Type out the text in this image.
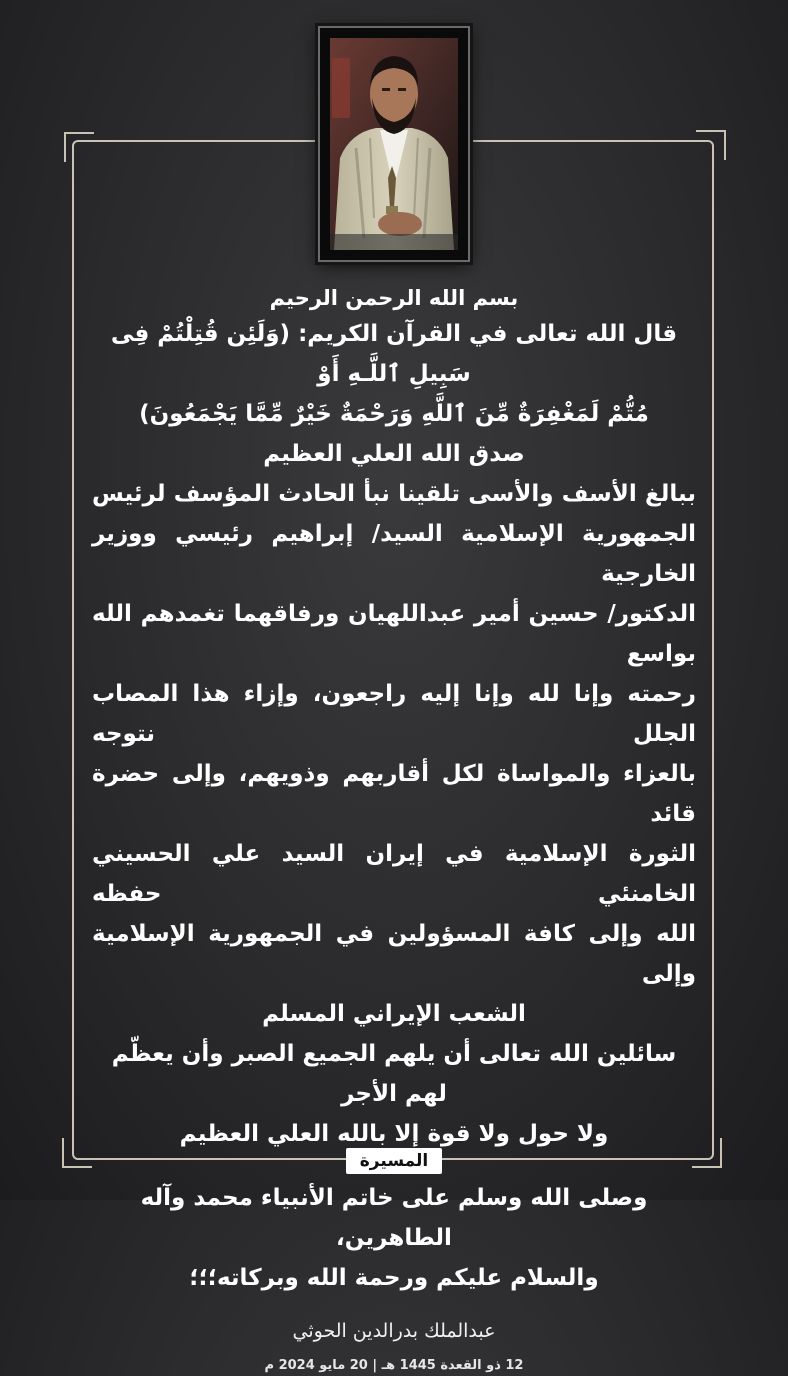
بسم الله الرحمن الرحيم
قال الله تعالى في القرآن الكريم: (وَلَئِن قُتِلْتُمْ فِى سَبِيلِ ٱللَّـهِ أَوْ
مُتُّمْ لَمَغْفِرَةٌ مِّنَ ٱللَّهِ وَرَحْمَةٌ خَيْرٌ مِّمَّا يَجْمَعُونَ)
صدق الله العلي العظيم
ببالغ الأسف والأسى تلقينا نبأ الحادث المؤسف لرئيس
الجمهورية الإسلامية السيد/ إبراهيم رئيسي ووزير الخارجية
الدكتور/ حسين أمير عبداللهيان ورفاقهما تغمدهم الله بواسع
رحمته وإنا لله وإنا إليه راجعون، وإزاء هذا المصاب الجلل نتوجه
بالعزاء والمواساة لكل أقاربهم وذويهم، وإلى حضرة قائد
الثورة الإسلامية في إيران السيد علي الحسيني الخامنئي حفظه
الله وإلى كافة المسؤولين في الجمهورية الإسلامية وإلى
الشعب الإيراني المسلم
سائلين الله تعالى أن يلهم الجميع الصبر وأن يعظّم لهم الأجر
ولا حول ولا قوة إلا بالله العلي العظيم
وصلى الله وسلم على خاتم الأنبياء محمد وآله الطاهرين،
والسلام عليكم ورحمة الله وبركاته؛؛؛
عبدالملك بدرالدين الحوثي
12 ذو القعدة 1445 هـ | 20 مايو 2024 م
المسيرة
